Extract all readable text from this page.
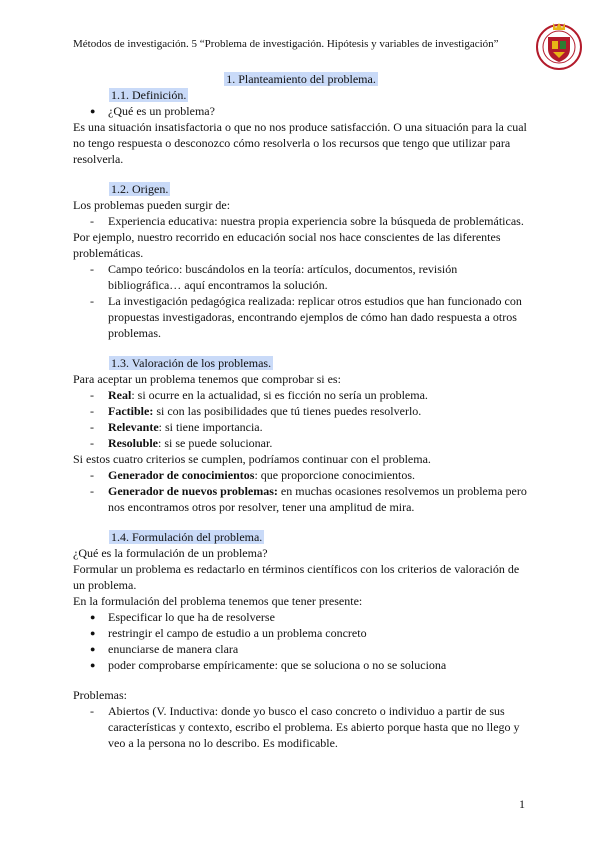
Métodos de investigación. 5 “Problema de investigación. Hipótesis y variables de investigación”

1. Planteamiento del problema.

1.1. Definición.

● ¿Qué es un problema?

Es una situación insatisfactoria o que no nos produce satisfacción. O una situación para la cual no tengo respuesta o desconozco cómo resolverla o los recursos que tengo que utilizar para resolverla.

1.2. Origen.

Los problemas pueden surgir de:

- Experiencia educativa: nuestra propia experiencia sobre la búsqueda de problemáticas.

Por ejemplo, nuestro recorrido en educación social nos hace conscientes de las diferentes problemáticas.

- Campo teórico: buscándolos en la teoría: artículos, documentos, revisión bibliográfica… aquí encontramos la solución.
- La investigación pedagógica realizada: replicar otros estudios que han funcionado con propuestas investigadoras, encontrando ejemplos de cómo han dado respuesta a otros problemas.

1.3. Valoración de los problemas.

Para aceptar un problema tenemos que comprobar si es:

- Real: si ocurre en la actualidad, si es ficción no sería un problema.
- Factible: si con las posibilidades que tú tienes puedes resolverlo.
- Relevante: si tiene importancia.
- Resoluble: si se puede solucionar.

Si estos cuatro criterios se cumplen, podríamos continuar con el problema.

- Generador de conocimientos: que proporcione conocimientos.
- Generador de nuevos problemas: en muchas ocasiones resolvemos un problema pero nos encontramos otros por resolver, tener una amplitud de mira.

1.4. Formulación del problema.

¿Qué es la formulación de un problema?

Formular un problema es redactarlo en términos científicos con los criterios de valoración de un problema.

En la formulación del problema tenemos que tener presente:

● Especificar lo que ha de resolverse
● restringir el campo de estudio a un problema concreto
● enunciarse de manera clara
● poder comprobarse empíricamente: que se soluciona o no se soluciona

Problemas:

- Abiertos (V. Inductiva: donde yo busco el caso concreto o individuo a partir de sus características y contexto, escribo el problema. Es abierto porque hasta que no llego y veo a la persona no lo describo. Es modificable.
1
